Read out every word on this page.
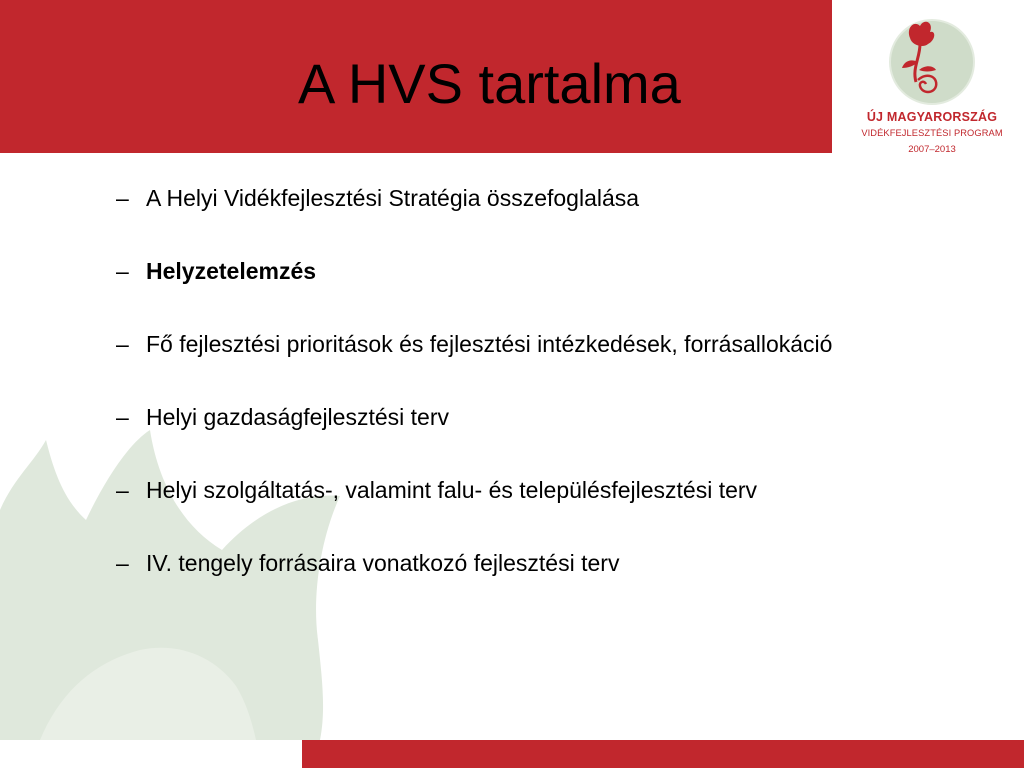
A HVS tartalma
ÚJ MAGYARORSZÁG
VIDÉKFEJLESZTÉSI PROGRAM
2007–2013
– A Helyi Vidékfejlesztési Stratégia összefoglalása
– Helyzetelemzés
– Fő fejlesztési prioritások és fejlesztési intézkedések, forrásallokáció
– Helyi gazdaságfejlesztési terv
– Helyi szolgáltatás-, valamint falu- és településfejlesztési terv
– IV. tengely forrásaira vonatkozó fejlesztési terv
